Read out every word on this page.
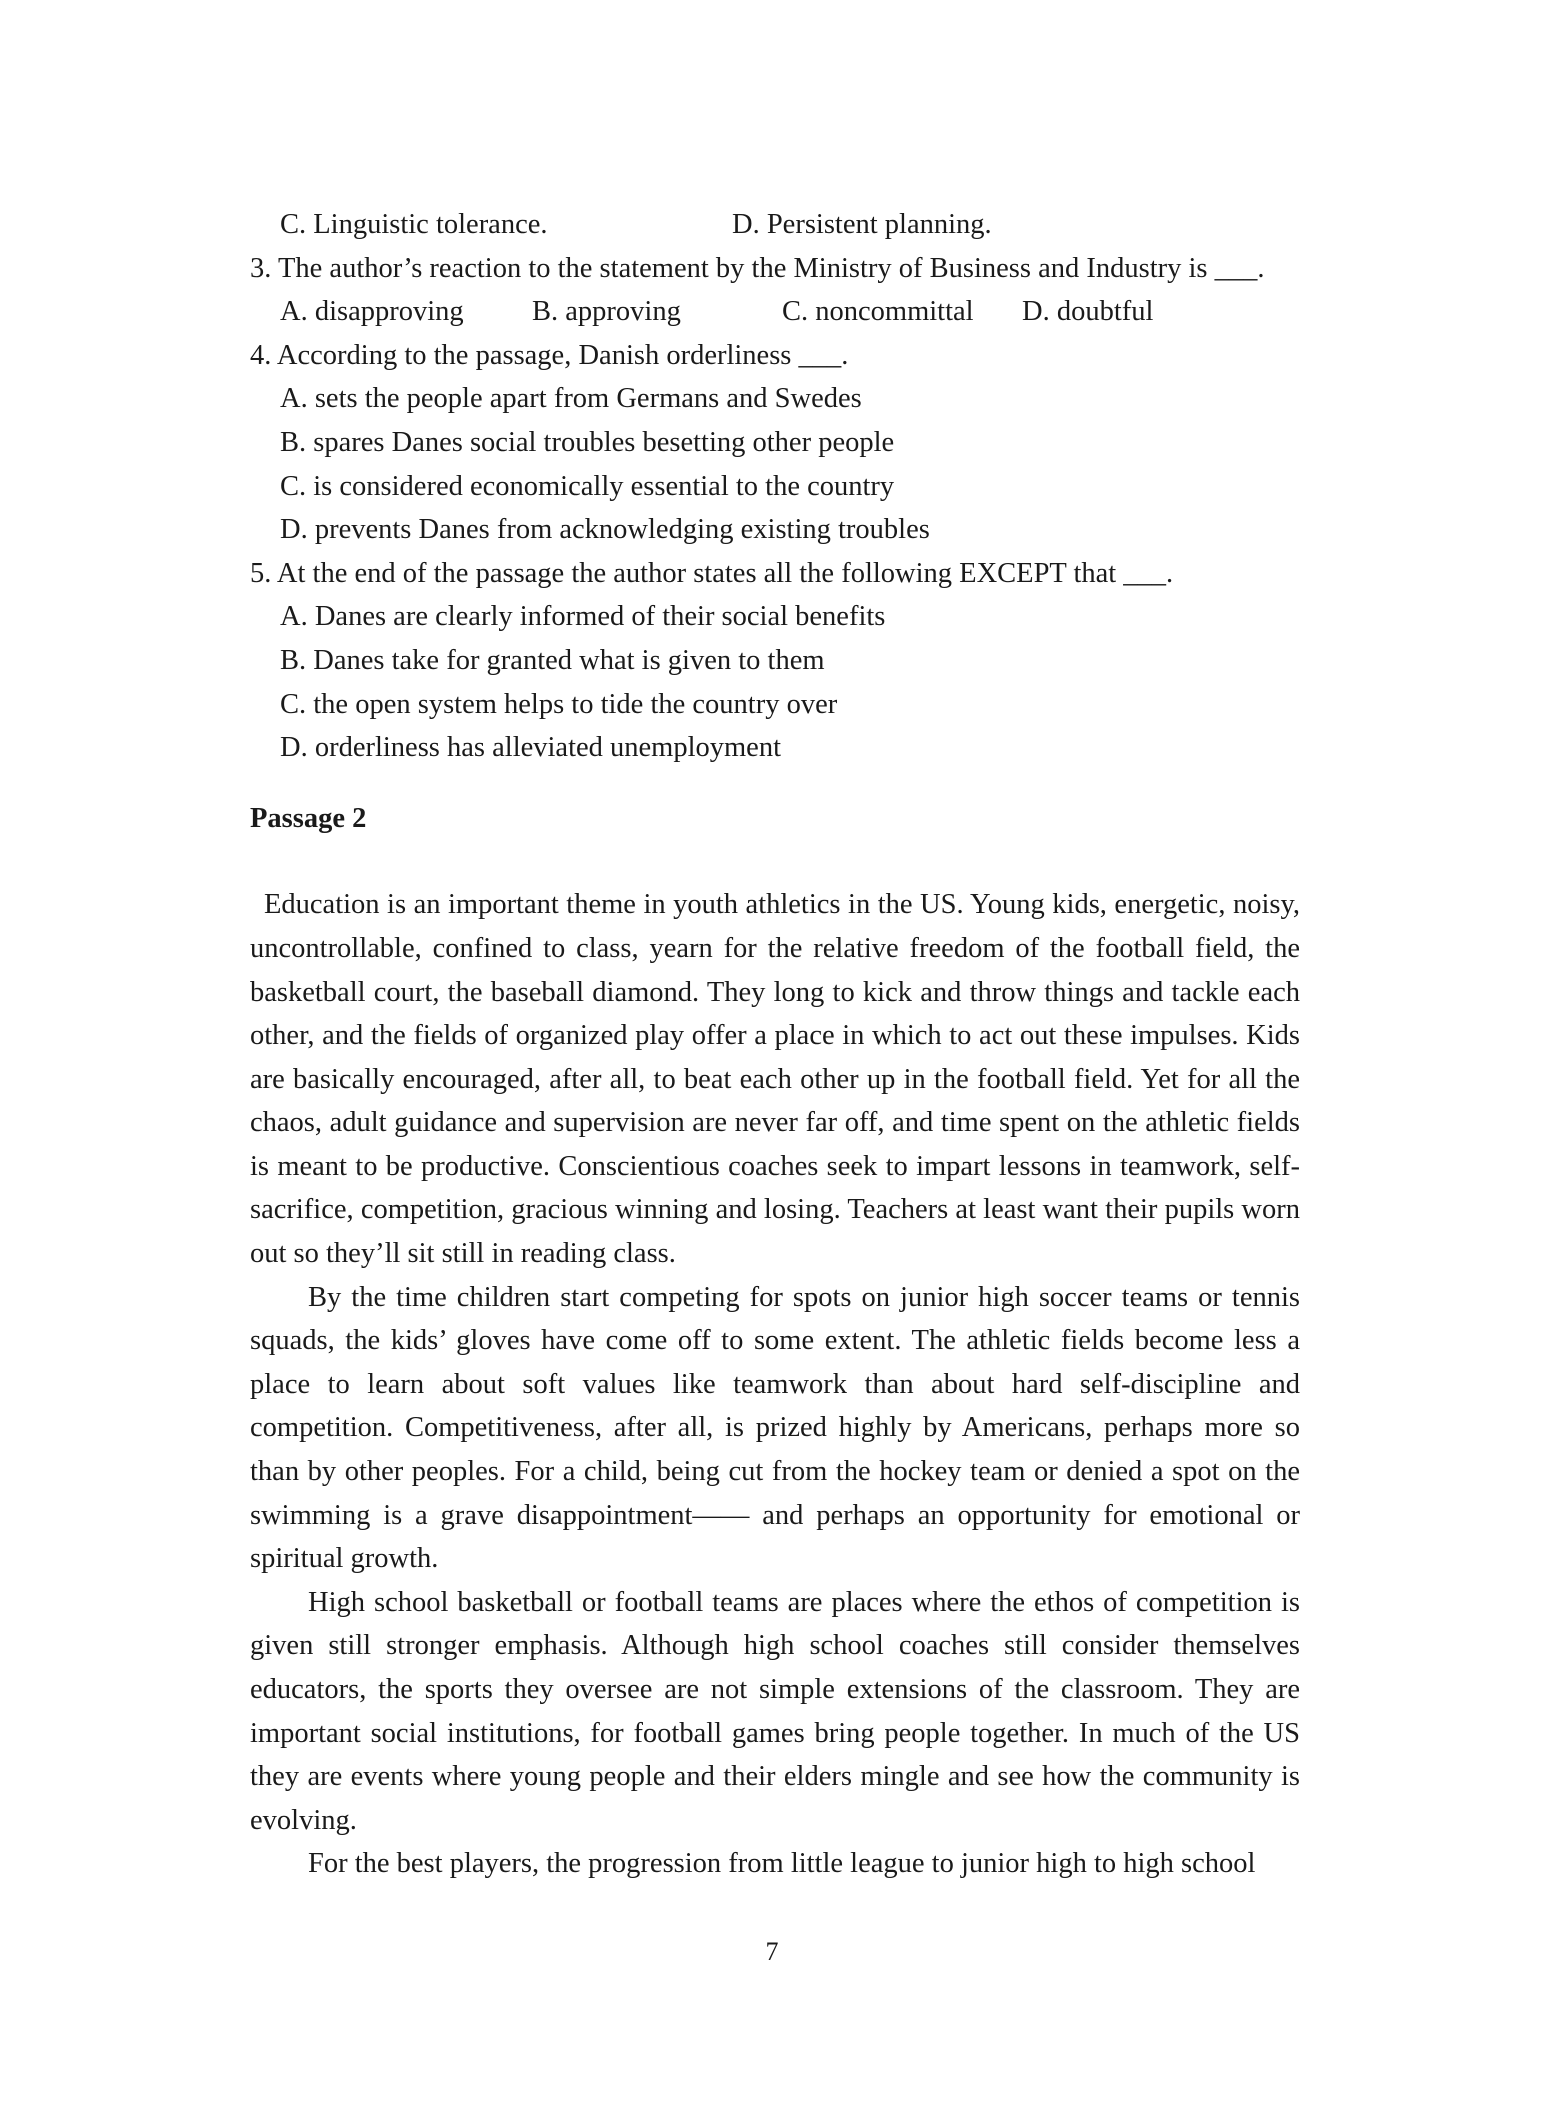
C. Linguistic tolerance.	D. Persistent planning.
3. The author’s reaction to the statement by the Ministry of Business and Industry is ___.
A. disapproving B. approving	C. noncommittal D. doubtful
4. According to the passage, Danish orderliness ___.
A. sets the people apart from Germans and Swedes
B. spares Danes social troubles besetting other people
C. is considered economically essential to the country
D. prevents Danes from acknowledging existing troubles
5. At the end of the passage the author states all the following EXCEPT that ___.
A. Danes are clearly informed of their social benefits
B. Danes take for granted what is given to them
C. the open system helps to tide the country over
D. orderliness has alleviated unemployment
Passage 2

Education is an important theme in youth athletics in the US. Young kids, energetic, noisy, uncontrollable, confined to class, yearn for the relative freedom of the football field, the basketball court, the baseball diamond. They long to kick and throw things and tackle each other, and the fields of organized play offer a place in which to act out these impulses. Kids are basically encouraged, after all, to beat each other up in the football field. Yet for all the chaos, adult guidance and supervision are never far off, and time spent on the athletic fields is meant to be productive. Conscientious coaches seek to impart lessons in teamwork, self-sacrifice, competition, gracious winning and losing. Teachers at least want their pupils worn out so they’ll sit still in reading class.

By the time children start competing for spots on junior high soccer teams or tennis squads, the kids’ gloves have come off to some extent. The athletic fields become less a place to learn about soft values like teamwork than about hard self-discipline and competition. Competitiveness, after all, is prized highly by Americans, perhaps more so than by other peoples. For a child, being cut from the hockey team or denied a spot on the swimming is a grave disappointment—— and perhaps an opportunity for emotional or spiritual growth.

High school basketball or football teams are places where the ethos of competition is given still stronger emphasis. Although high school coaches still consider themselves educators, the sports they oversee are not simple extensions of the classroom. They are important social institutions, for football games bring people together. In much of the US they are events where young people and their elders mingle and see how the community is evolving.

For the best players, the progression from little league to junior high to high school

7
